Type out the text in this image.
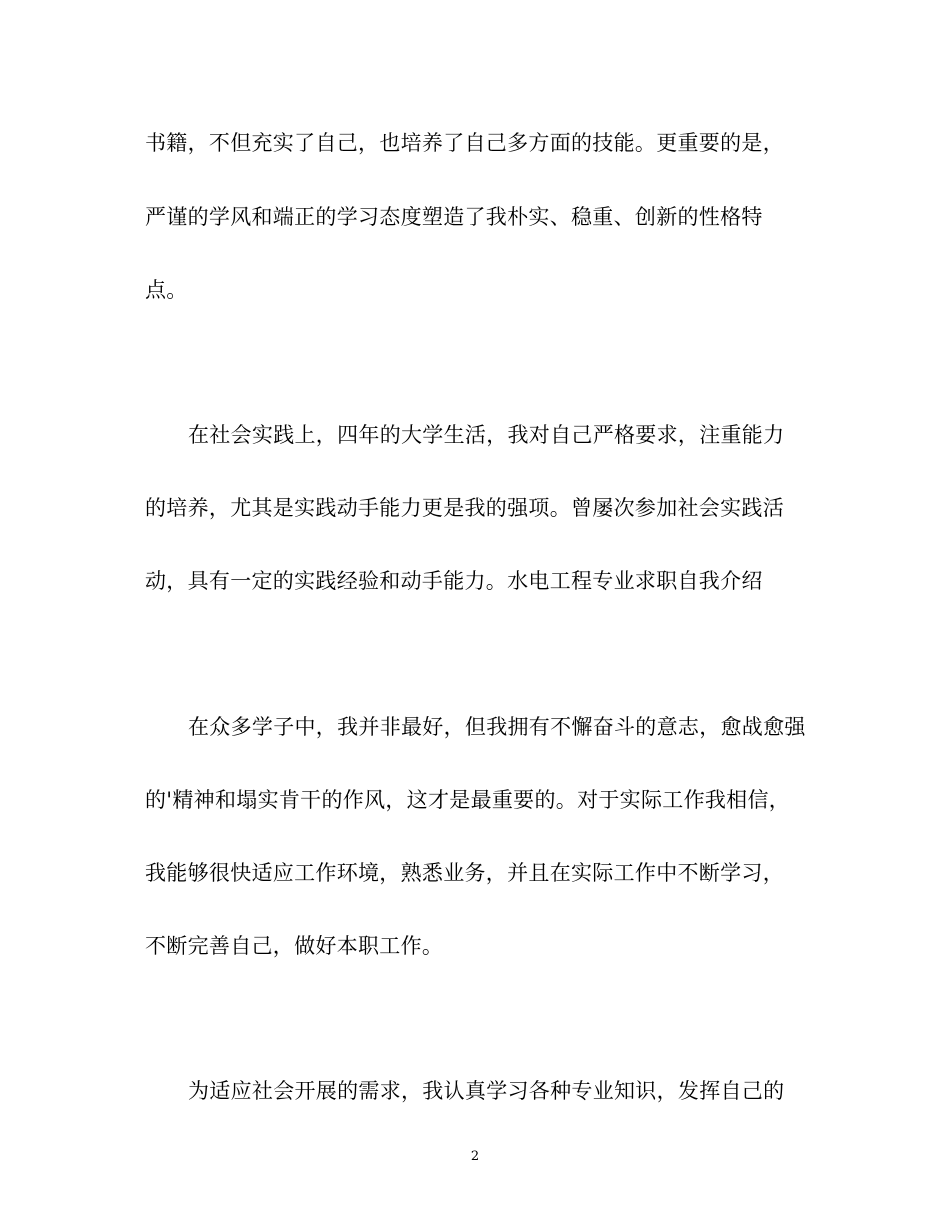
书籍，不但充实了自己，也培养了自己多方面的技能。更重要的是，

严谨的学风和端正的学习态度塑造了我朴实、稳重、创新的性格特

点。

在社会实践上，四年的大学生活，我对自己严格要求，注重能力

的培养，尤其是实践动手能力更是我的强项。曾屡次参加社会实践活

动，具有一定的实践经验和动手能力。水电工程专业求职自我介绍

在众多学子中，我并非最好，但我拥有不懈奋斗的意志，愈战愈强

的'精神和塌实肯干的作风，这才是最重要的。对于实际工作我相信，

我能够很快适应工作环境，熟悉业务，并且在实际工作中不断学习，

不断完善自己，做好本职工作。

为适应社会开展的需求，我认真学习各种专业知识，发挥自己的

2
